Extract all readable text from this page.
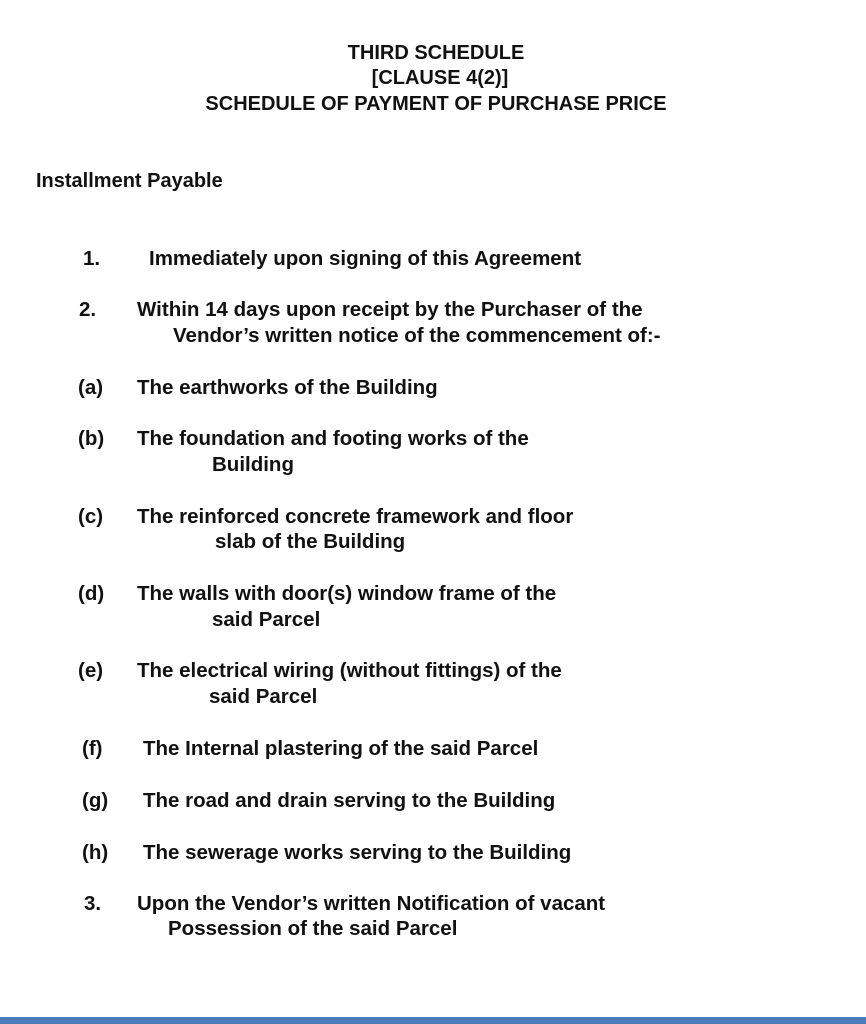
THIRD SCHEDULE
[CLAUSE 4(2)]
SCHEDULE OF PAYMENT OF PURCHASE PRICE
Installment Payable
1. Immediately upon signing of this Agreement
2. Within 14 days upon receipt by the Purchaser of the
Vendor’s written notice of the commencement of:-
(a) The earthworks of the Building
(b) The foundation and footing works of the
Building
(c) The reinforced concrete framework and floor
slab of the Building
(d) The walls with door(s) window frame of the
said Parcel
(e) The electrical wiring (without fittings) of the
said Parcel
(f) The Internal plastering of the said Parcel
(g) The road and drain serving to the Building
(h) The sewerage works serving to the Building
3. Upon the Vendor’s written Notification of vacant
Possession of the said Parcel
